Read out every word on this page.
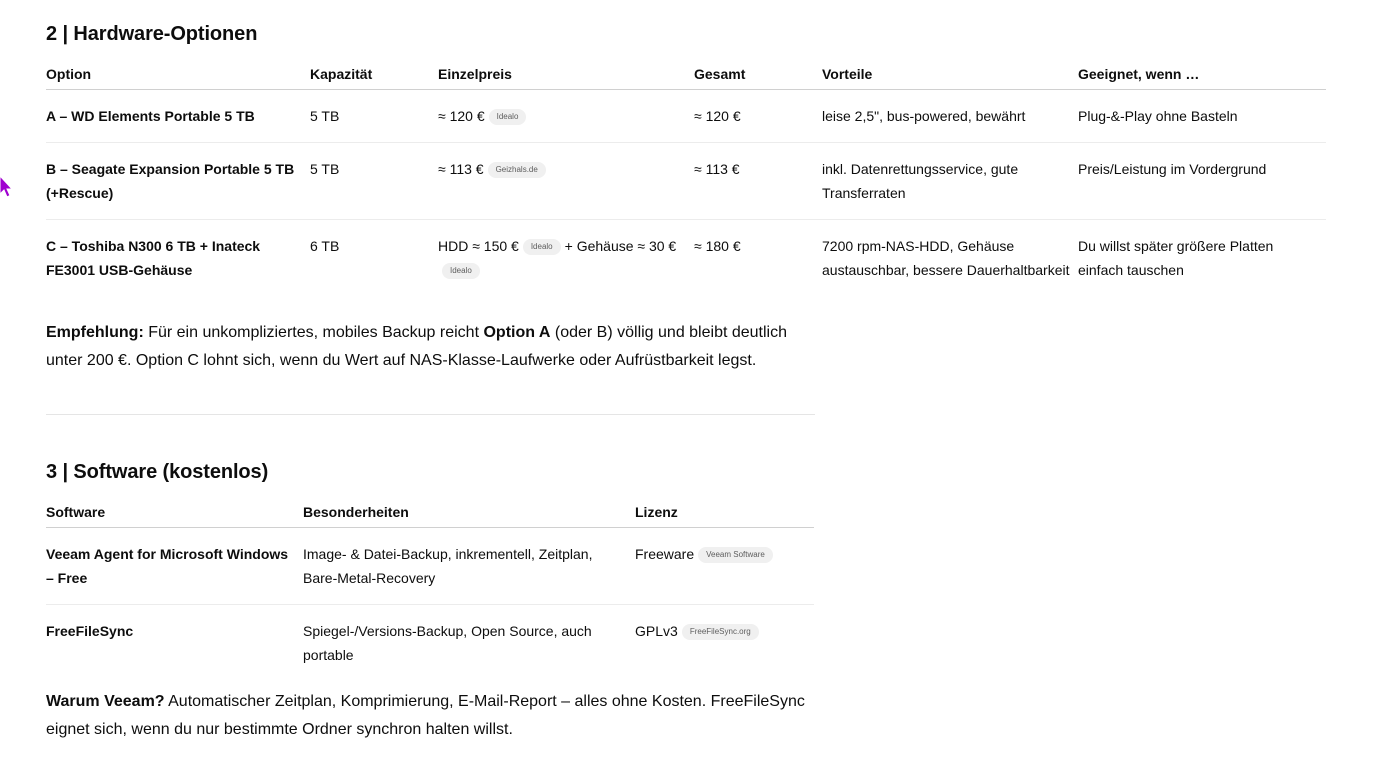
2 | Hardware-Optionen
Option	Kapazität	Einzelpreis	Gesamt	Vorteile	Geeignet, wenn …
A – WD Elements Portable 5 TB	5 TB	≈ 120 € Idealo	≈ 120 €	leise 2,5", bus-powered, bewährt	Plug-&-Play ohne Basteln
B – Seagate Expansion Portable 5 TB (+Rescue)	5 TB	≈ 113 € Geizhals.de	≈ 113 €	inkl. Datenrettungsservice, gute Transferraten	Preis/Leistung im Vordergrund
C – Toshiba N300 6 TB + Inateck FE3001 USB-Gehäuse	6 TB	HDD ≈ 150 € Idealo + Gehäuse ≈ 30 €Idealo	≈ 180 €	7200 rpm-NAS-HDD, Gehäuse austauschbar, bessere Dauerhaltbarkeit	Du willst später größere Platten einfach tauschen

Empfehlung: Für ein unkompliziertes, mobiles Backup reicht Option A (oder B) völlig und bleibt deutlich unter 200 €. Option C lohnt sich, wenn du Wert auf NAS-Klasse-Laufwerke oder Aufrüstbarkeit legst.

3 | Software (kostenlos)
Software	Besonderheiten	Lizenz
Veeam Agent for Microsoft Windows – Free	Image- & Datei-Backup, inkrementell, Zeitplan, Bare-Metal-Recovery	Freeware Veeam Software
FreeFileSync	Spiegel-/Versions-Backup, Open Source, auch portable	GPLv3 FreeFileSync.org

Warum Veeam? Automatischer Zeitplan, Komprimierung, E-Mail-Report – alles ohne Kosten. FreeFileSync eignet sich, wenn du nur bestimmte Ordner synchron halten willst.
